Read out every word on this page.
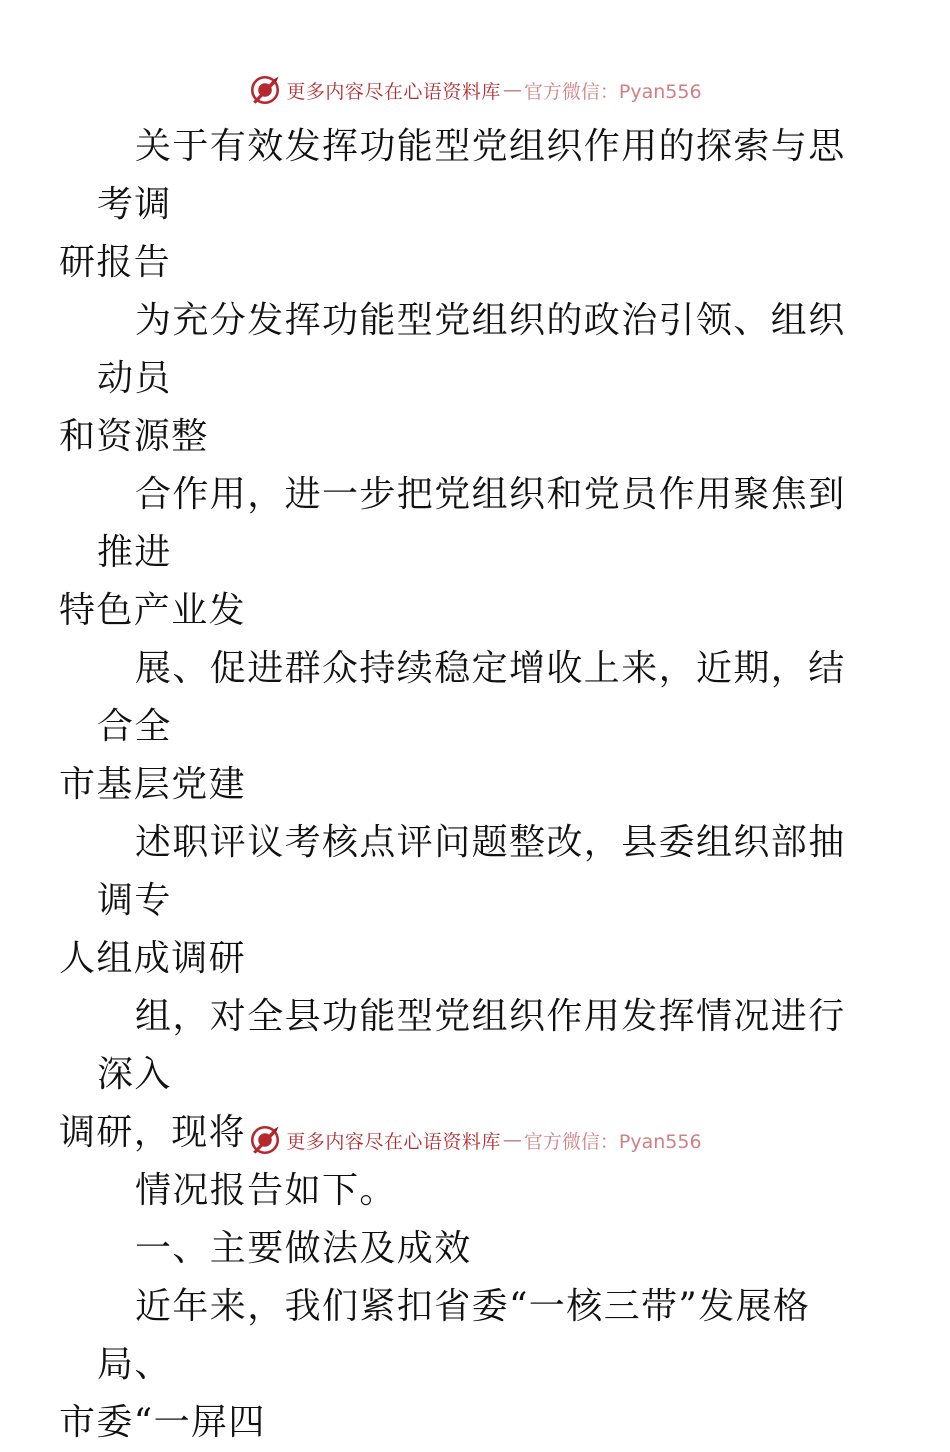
更多内容尽在心语资料库 — 官方微信：Pyan556

关于有效发挥功能型党组织作用的探索与思考调
研报告

为充分发挥功能型党组织的政治引领、组织动员
和资源整

合作用，进一步把党组织和党员作用聚焦到推进
特色产业发

展、促进群众持续稳定增收上来，近期，结合全
市基层党建

述职评议考核点评问题整改，县委组织部抽调专
人组成调研

组，对全县功能型党组织作用发挥情况进行深入
调研，现将

情况报告如下。

一、主要做法及成效

近年来，我们紧扣省委“一核三带”发展格局、
市委“一屏四

更多内容尽在心语资料库 — 官方微信：Pyan556
